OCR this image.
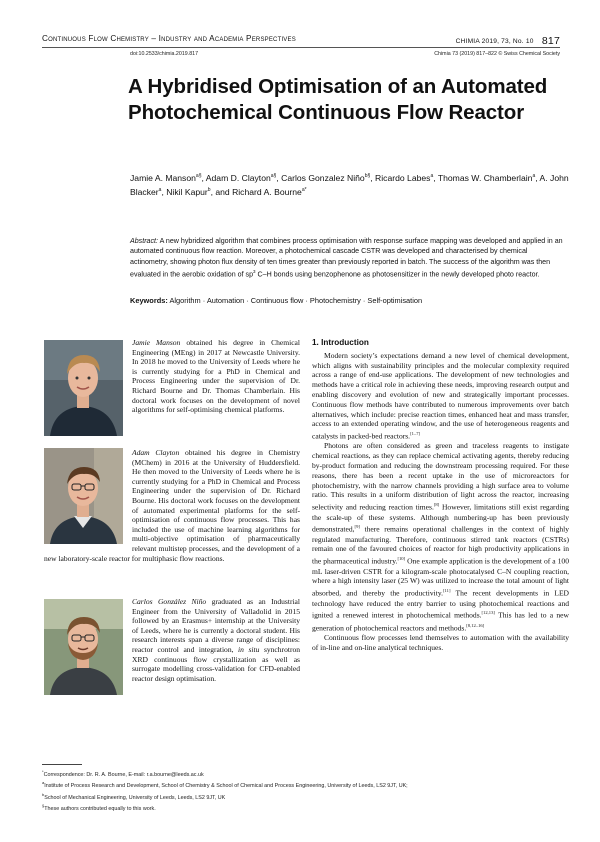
Continuous Flow Chemistry – Industry and Academia Perspectives	CHIMIA 2019, 73, No. 10 817
doi:10.2533/chimia.2019.817	Chimia 73 (2019) 817–822 © Swiss Chemical Society
A Hybridised Optimisation of an Automated Photochemical Continuous Flow Reactor
Jamie A. Manson$^{a\S}$, Adam D. Clayton$^{a\S}$, Carlos Gonzalez Niño$^{b\S}$, Ricardo Labes$^a$, Thomas W. Chamberlain$^a$, A. John Blacker$^a$, Nikil Kapur$^b$, and Richard A. Bourne$^{a*}$
Abstract: A new hybridized algorithm that combines process optimisation with response surface mapping was developed and applied in an automated continuous flow reaction. Moreover, a photochemical cascade CSTR was developed and characterised by chemical actinometry, showing photon flux density of ten times greater than previously reported in batch. The success of the algorithm was then evaluated in the aerobic oxidation of $sp^3$ C–H bonds using benzophenone as photosensitizer in the newly developed photo reactor.
Keywords: Algorithm · Automation · Continuous flow · Photochemistry · Self-optimisation
Jamie Manson obtained his degree in Chemical Engineering (MEng) in 2017 at Newcastle University. In 2018 he moved to the University of Leeds where he is currently studying for a PhD in Chemical and Process Engineering under the supervision of Dr. Richard Bourne and Dr. Thomas Chamberlain. His doctoral work focuses on the development of novel algorithms for self-optimising chemical platforms.
Adam Clayton obtained his degree in Chemistry (MChem) in 2016 at the University of Huddersfield. He then moved to the University of Leeds where he is currently studying for a PhD in Chemical and Process Engineering under the supervision of Dr. Richard Bourne. His doctoral work focuses on the development of automated experimental platforms for the self-optimisation of continuous flow processes. This has included the use of machine learning algorithms for multi-objective optimisation of pharmaceutically relevant multistep processes, and the development of a new laboratory-scale reactor for multiphasic flow reactions.
Carlos González Niño graduated as an Industrial Engineer from the University of Valladolid in 2015 followed by an Erasmus+ internship at the University of Leeds, where he is currently a doctoral student. His research interests span a diverse range of disciplines: reactor control and integration, in situ synchrotron XRD continuous flow crystallization as well as surrogate modelling cross-validation for CFD-enabled reactor design optimisation.
1. Introduction

Modern society’s expectations demand a new level of chemical development, which aligns with sustainability principles and the molecular complexity required across a range of end-use applications. The development of new technologies and methods have a critical role in achieving these needs, improving research output and enabling discovery and evolution of new and strategically important processes. Continuous flow methods have contributed to numerous improvements over batch alternatives, which include: precise reaction times, enhanced heat and mass transfer, access to an extended operating window, and the use of heterogeneous reagents and catalysts in packed-bed reactors.[1–7]

Photons are often considered as green and traceless reagents to instigate chemical reactions, as they can replace chemical activating agents, thereby reducing by-product formation and reducing the downstream processing required. For these reasons, there has been a recent uptake in the use of microreactors for photochemistry, with the narrow channels providing a high surface area to volume ratio. This results in a uniform distribution of light across the reactor, increasing selectivity and reducing reaction times.[8] However, limitations still exist regarding the scale-up of these systems. Although numbering-up has been previously demonstrated,[9] there remains operational challenges in the context of highly regulated manufacturing. Therefore, continuous stirred tank reactors (CSTRs) remain one of the favoured choices of reactor for high productivity applications in the pharmaceutical industry.[10] One example application is the development of a 100 mL laser-driven CSTR for a kilogram-scale photocatalysed C–N coupling reaction, where a high intensity laser (25 W) was utilized to increase the total amount of light absorbed, and thereby the productivity.[11] The recent developments in LED technology have reduced the entry barrier to using photochemical reactions and ignited a renewed interest in photochemical methods.[12,13] This has led to a new generation of photochemical reactors and methods.[8,12–16]

Continuous flow processes lend themselves to automation with the availability of in-line and on-line analytical techniques.

*Correspondence: Dr. R. A. Bourne, E-mail: r.a.bourne@leeds.ac.uk
$^a$Institute of Process Research and Development, School of Chemistry & School of Chemical and Process Engineering, University of Leeds, LS2 9JT, UK;
$^b$School of Mechanical Engineering, University of Leeds, Leeds, LS2 9JT, UK
§These authors contributed equally to this work.
